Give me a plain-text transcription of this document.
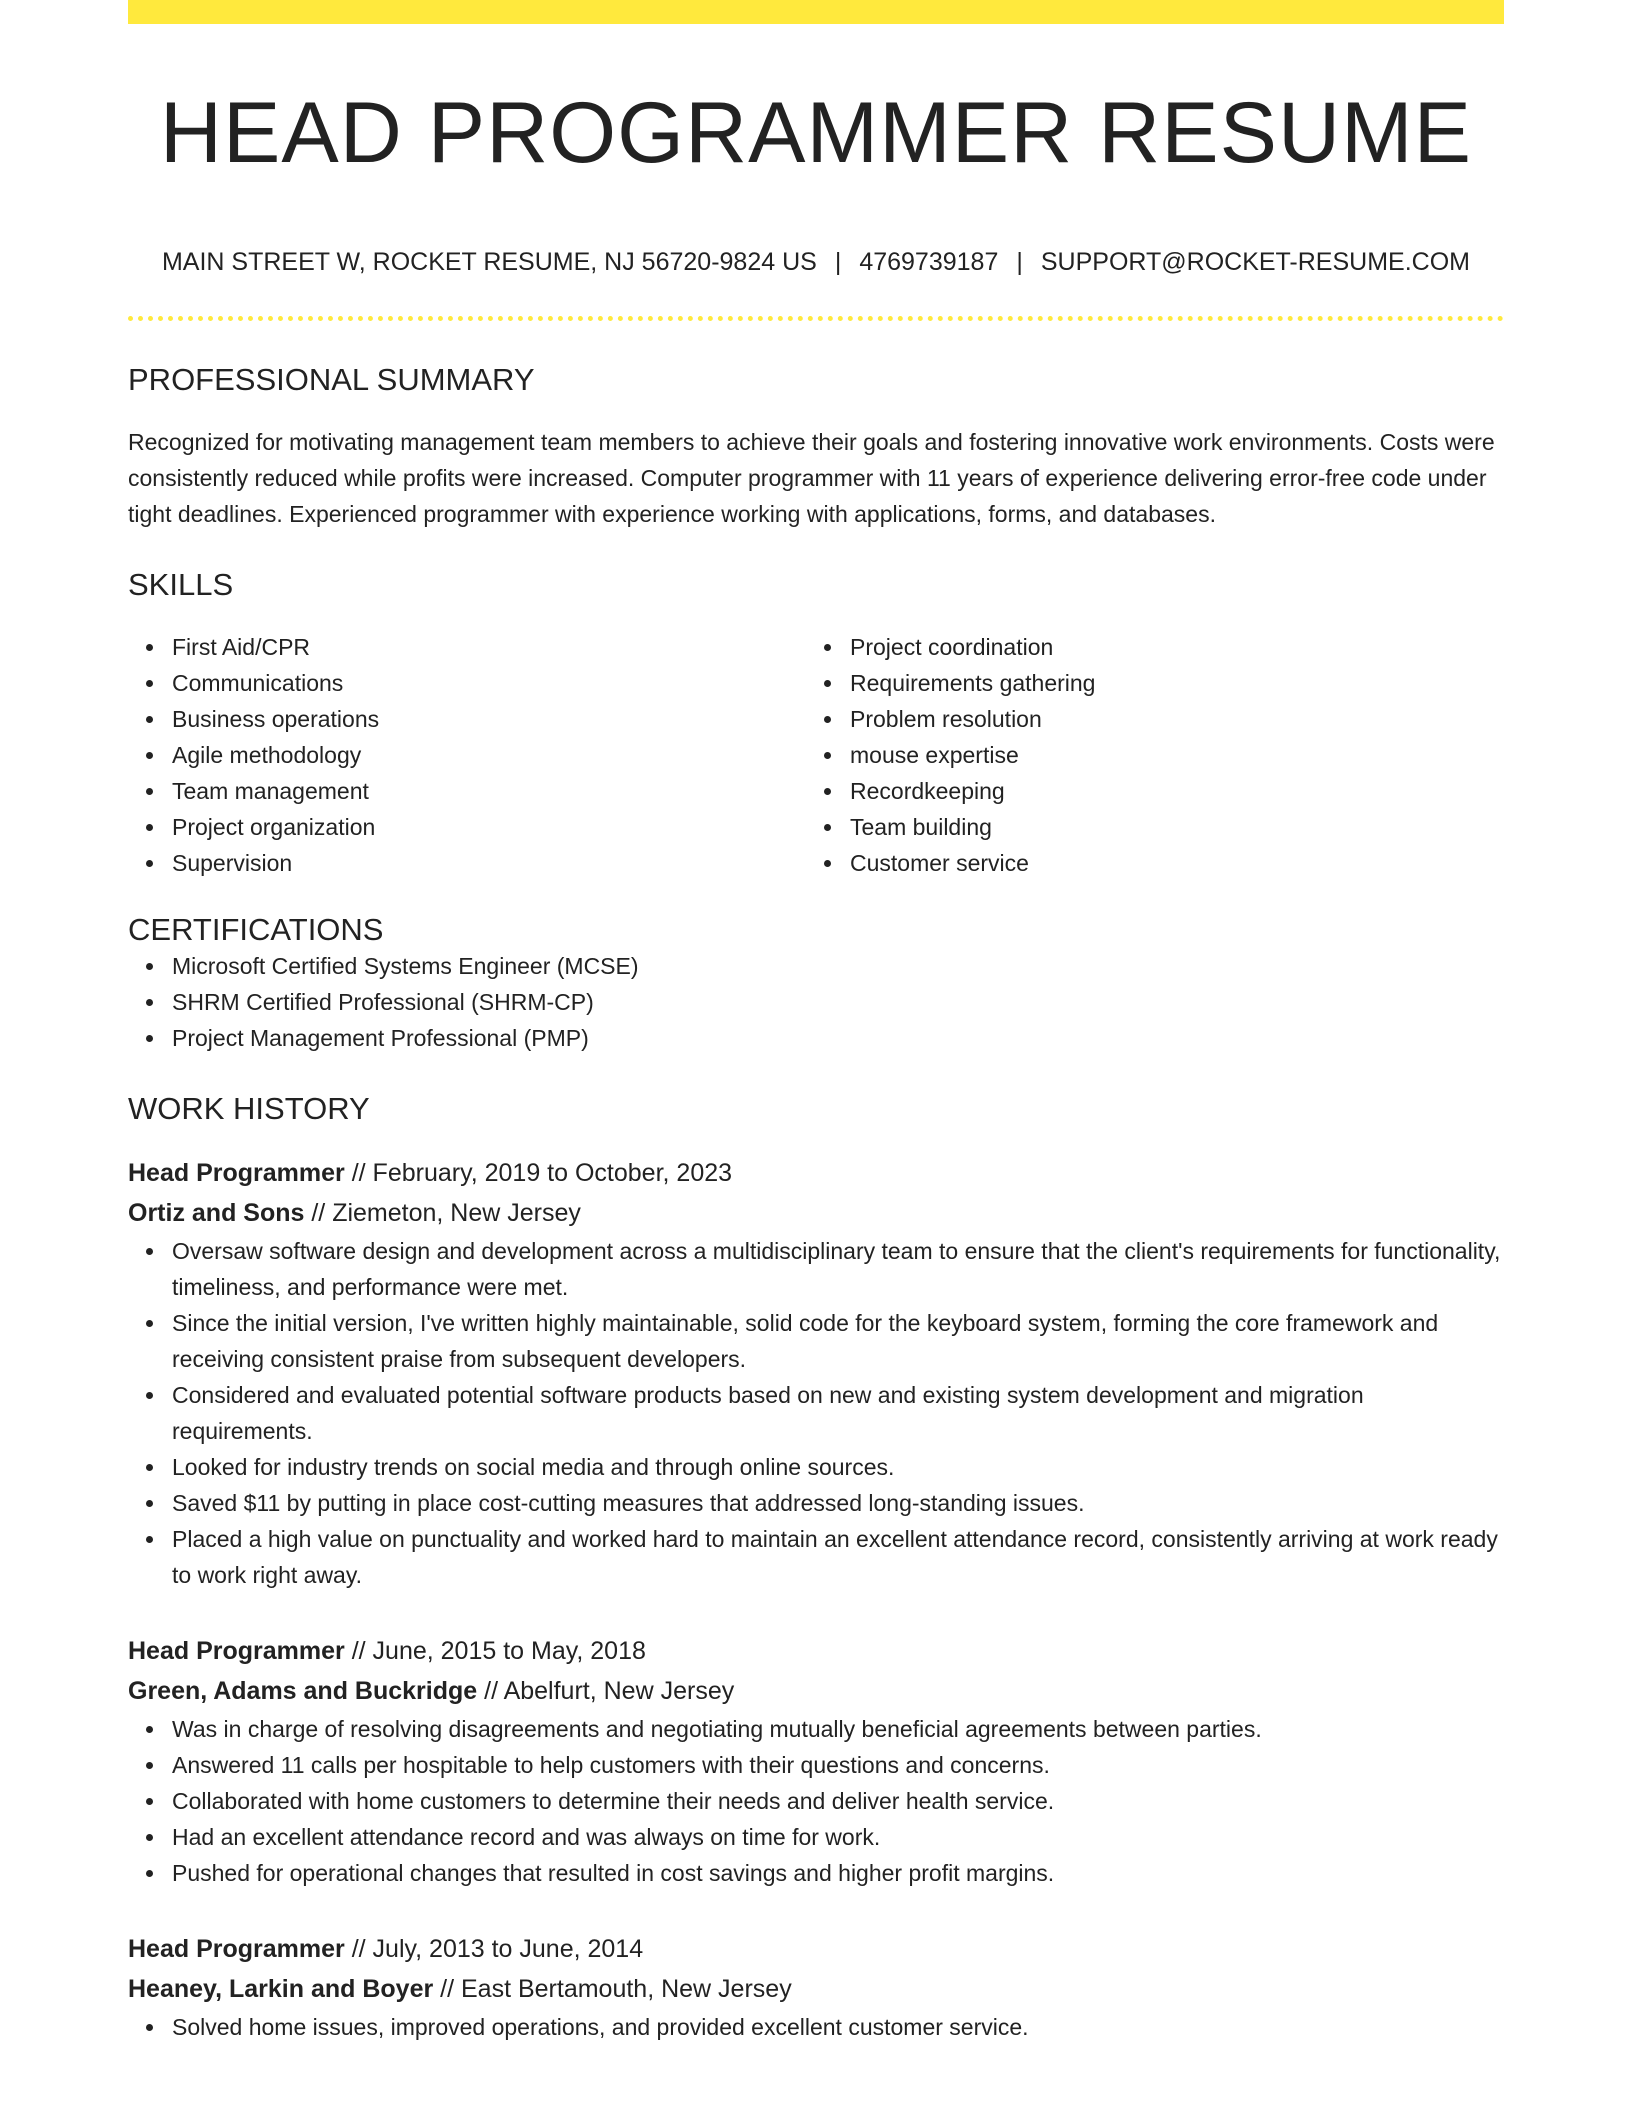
HEAD PROGRAMMER RESUME
MAIN STREET W, ROCKET RESUME, NJ 56720-9824 US | 4769739187 | SUPPORT@ROCKET-RESUME.COM
PROFESSIONAL SUMMARY
Recognized for motivating management team members to achieve their goals and fostering innovative work environments. Costs were consistently reduced while profits were increased. Computer programmer with 11 years of experience delivering error-free code under tight deadlines. Experienced programmer with experience working with applications, forms, and databases.
SKILLS
First Aid/CPR
Communications
Business operations
Agile methodology
Team management
Project organization
Supervision
Project coordination
Requirements gathering
Problem resolution
mouse expertise
Recordkeeping
Team building
Customer service
CERTIFICATIONS
Microsoft Certified Systems Engineer (MCSE)
SHRM Certified Professional (SHRM-CP)
Project Management Professional (PMP)
WORK HISTORY
Head Programmer // February, 2019 to October, 2023
Ortiz and Sons // Ziemeton, New Jersey
Oversaw software design and development across a multidisciplinary team to ensure that the client's requirements for functionality, timeliness, and performance were met.
Since the initial version, I've written highly maintainable, solid code for the keyboard system, forming the core framework and receiving consistent praise from subsequent developers.
Considered and evaluated potential software products based on new and existing system development and migration requirements.
Looked for industry trends on social media and through online sources.
Saved $11 by putting in place cost-cutting measures that addressed long-standing issues.
Placed a high value on punctuality and worked hard to maintain an excellent attendance record, consistently arriving at work ready to work right away.
Head Programmer // June, 2015 to May, 2018
Green, Adams and Buckridge // Abelfurt, New Jersey
Was in charge of resolving disagreements and negotiating mutually beneficial agreements between parties.
Answered 11 calls per hospitable to help customers with their questions and concerns.
Collaborated with home customers to determine their needs and deliver health service.
Had an excellent attendance record and was always on time for work.
Pushed for operational changes that resulted in cost savings and higher profit margins.
Head Programmer // July, 2013 to June, 2014
Heaney, Larkin and Boyer // East Bertamouth, New Jersey
Solved home issues, improved operations, and provided excellent customer service.
